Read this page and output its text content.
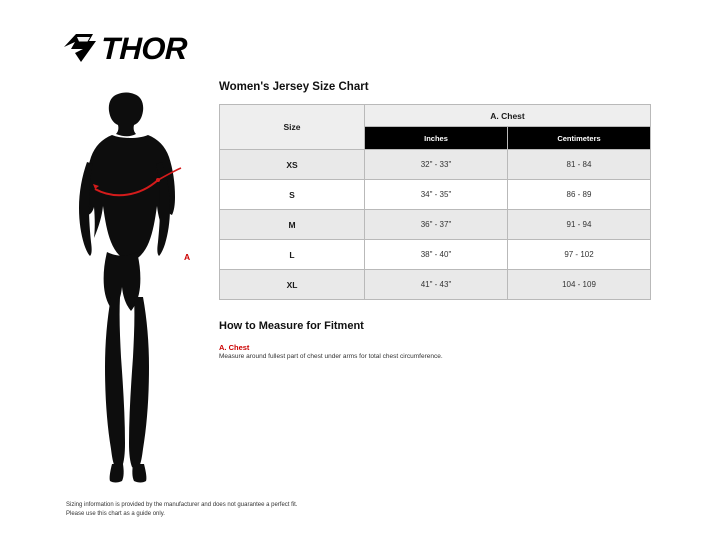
THOR
A
Women's Jersey Size Chart
Size	A. Chest	
	Inches	Centimeters
XS	32" - 33"	81 - 84
S	34" - 35"	86 - 89
M	36" - 37"	91 - 94
L	38" - 40"	97 - 102
XL	41" - 43"	104 - 109
How to Measure for Fitment
A. Chest
Measure around fullest part of chest under arms for total chest circumference.
Sizing information is provided by the manufacturer and does not guarantee a perfect fit.
Please use this chart as a guide only.
